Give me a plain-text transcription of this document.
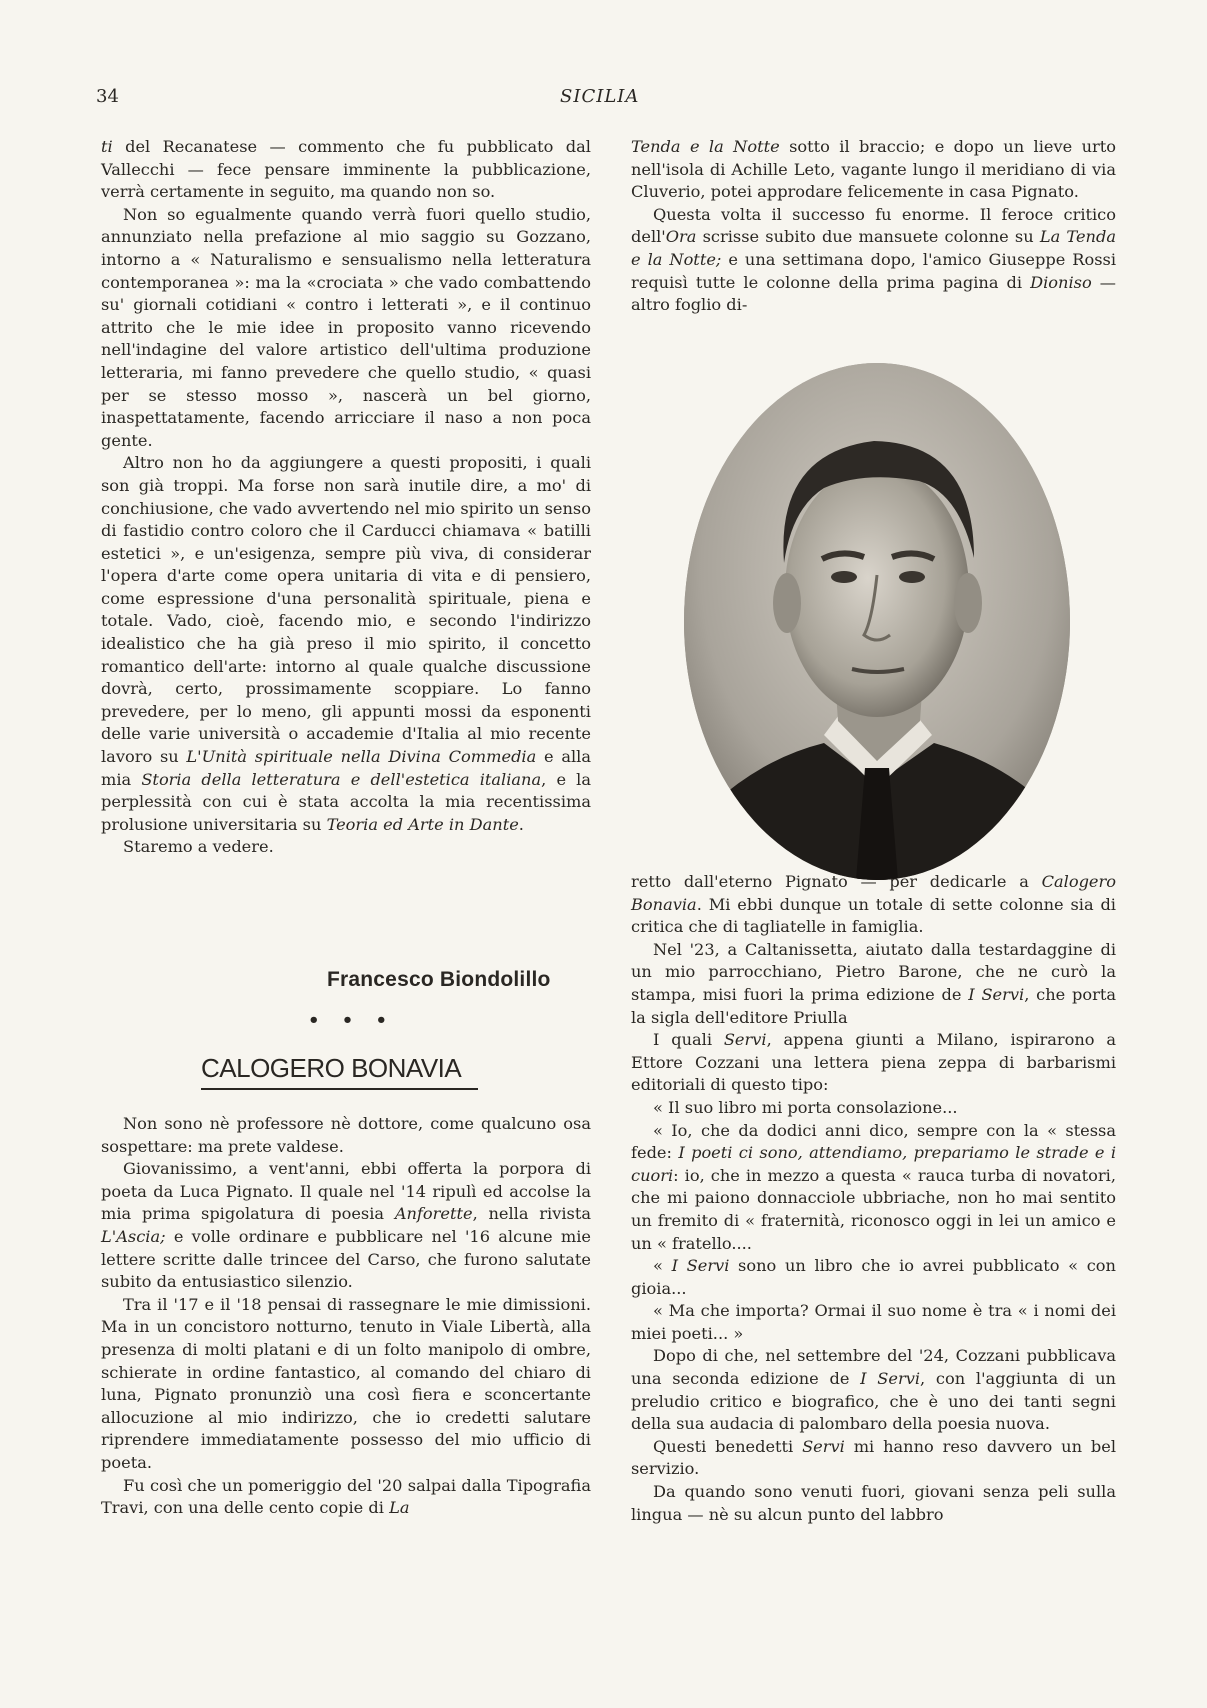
34	SICILIA

ti del Recanatese — commento che fu pubblicato dal Vallecchi — fece pensare imminente la pubblicazione, verrà certamente in seguito, ma quando non so.

Non so egualmente quando verrà fuori quello studio, annunziato nella prefazione al mio saggio su Gozzano, intorno a « Naturalismo e sensualismo nella letteratura contemporanea »: ma la «crociata » che vado combattendo su' giornali cotidiani « contro i letterati », e il continuo attrito che le mie idee in proposito vanno ricevendo nell'indagine del valore artistico dell'ultima produzione letteraria, mi fanno prevedere che quello studio, « quasi per se stesso mosso », nascerà un bel giorno, inaspettatamente, facendo arricciare il naso a non poca gente.

Altro non ho da aggiungere a questi propositi, i quali son già troppi. Ma forse non sarà inutile dire, a mo' di conchiusione, che vado avvertendo nel mio spirito un senso di fastidio contro coloro che il Carducci chiamava « batilli estetici », e un'esigenza, sempre più viva, di considerar l'opera d'arte come opera unitaria di vita e di pensiero, come espressione d'una personalità spirituale, piena e totale. Vado, cioè, facendo mio, e secondo l'indirizzo idealistico che ha già preso il mio spirito, il concetto romantico dell'arte: intorno al quale qualche discussione dovrà, certo, prossimamente scoppiare. Lo fanno prevedere, per lo meno, gli appunti mossi da esponenti delle varie università o accademie d'Italia al mio recente lavoro su L'Unità spirituale nella Divina Commedia e alla mia Storia della letteratura e dell'estetica italiana, e la perplessità con cui è stata accolta la mia recentissima prolusione universitaria su Teoria ed Arte in Dante.

Staremo a vedere.

Francesco Biondolillo
• • •
CALOGERO BONAVIA

Non sono nè professore nè dottore, come qualcuno osa sospettare: ma prete valdese.

Giovanissimo, a vent'anni, ebbi offerta la porpora di poeta da Luca Pignato. Il quale nel '14 ripulì ed accolse la mia prima spigolatura di poesia Anforette, nella rivista L'Ascia; e volle ordinare e pubblicare nel '16 alcune mie lettere scritte dalle trincee del Carso, che furono salutate subito da entusiastico silenzio.

Tra il '17 e il '18 pensai di rassegnare le mie dimissioni. Ma in un concistoro notturno, tenuto in Viale Libertà, alla presenza di molti platani e di un folto manipolo di ombre, schierate in ordine fantastico, al comando del chiaro di luna, Pignato pronunziò una così fiera e sconcertante allocuzione al mio indirizzo, che io credetti salutare riprendere immediatamente possesso del mio ufficio di poeta.

Fu così che un pomeriggio del '20 salpai dalla Tipografia Travi, con una delle cento copie di La

Tenda e la Notte sotto il braccio; e dopo un lieve urto nell'isola di Achille Leto, vagante lungo il meridiano di via Cluverio, potei approdare felicemente in casa Pignato.

Questa volta il successo fu enorme. Il feroce critico dell'Ora scrisse subito due mansuete colonne su La Tenda e la Notte; e una settimana dopo, l'amico Giuseppe Rossi requisì tutte le colonne della prima pagina di Dioniso — altro foglio di-

retto dall'eterno Pignato — per dedicarle a Calogero Bonavia. Mi ebbi dunque un totale di sette colonne sia di critica che di tagliatelle in famiglia.

Nel '23, a Caltanissetta, aiutato dalla testardaggine di un mio parrocchiano, Pietro Barone, che ne curò la stampa, misi fuori la prima edizione de I Servi, che porta la sigla dell'editore Priulla

I quali Servi, appena giunti a Milano, ispirarono a Ettore Cozzani una lettera piena zeppa di barbarismi editoriali di questo tipo:

« Il suo libro mi porta consolazione...

« Io, che da dodici anni dico, sempre con la « stessa fede: I poeti ci sono, attendiamo, prepariamo le strade e i cuori: io, che in mezzo a questa « rauca turba di novatori, che mi paiono donnacciole ubbriache, non ho mai sentito un fremito di « fraternità, riconosco oggi in lei un amico e un « fratello....

« I Servi sono un libro che io avrei pubblicato « con gioia...

« Ma che importa? Ormai il suo nome è tra « i nomi dei miei poeti... »

Dopo di che, nel settembre del '24, Cozzani pubblicava una seconda edizione de I Servi, con l'aggiunta di un preludio critico e biografico, che è uno dei tanti segni della sua audacia di palombaro della poesia nuova.

Questi benedetti Servi mi hanno reso davvero un bel servizio.

Da quando sono venuti fuori, giovani senza peli sulla lingua — nè su alcun punto del labbro
